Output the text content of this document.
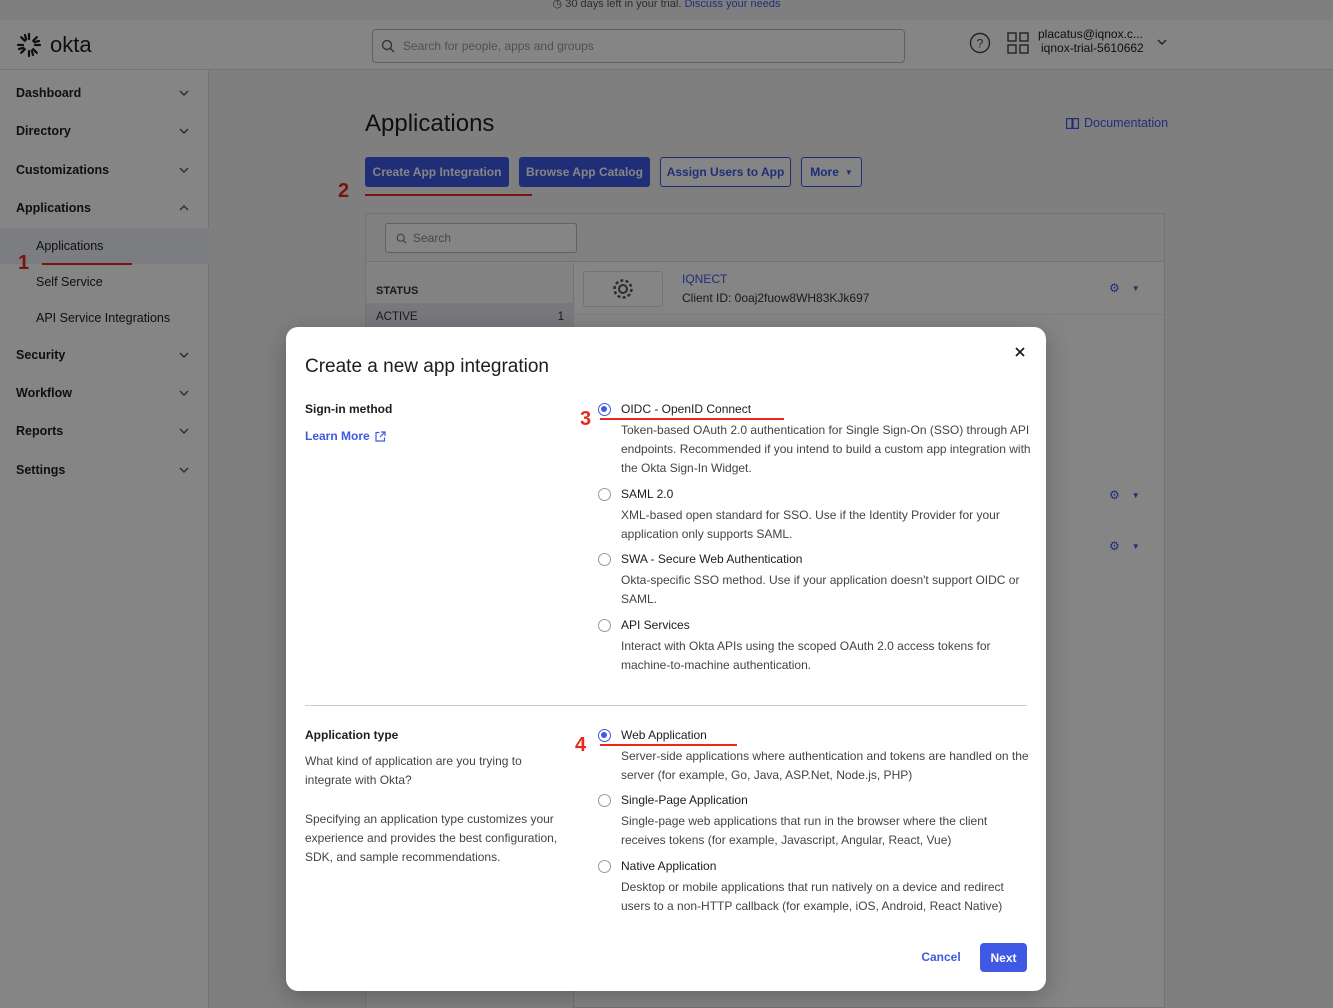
◷ 30 days left in your trial. Discuss your needs
okta	Search for people, apps and groups	?
placatus@iqnox.c...
iqnox-trial-5610662
Dashboard
Directory
Customizations
Applications
Applications
Self Service
API Service Integrations
Security
Workflow
Reports
Settings
Applications	Documentation
Create App Integration	Browse App Catalog	Assign Users to App	More ▼
Search
STATUS
ACTIVE	1
IQNECT
Client ID: 0oaj2fuow8WH83KJk697
⚙ ▼
⚙ ▼
⚙ ▼
1
2
Create a new app integration
Sign-in method
Learn More
OIDC - OpenID Connect
Token-based OAuth 2.0 authentication for Single Sign-On (SSO) through API endpoints. Recommended if you intend to build a custom app integration with the Okta Sign-In Widget.
SAML 2.0
XML-based open standard for SSO. Use if the Identity Provider for your application only supports SAML.
SWA - Secure Web Authentication
Okta-specific SSO method. Use if your application doesn't support OIDC or SAML.
API Services
Interact with Okta APIs using the scoped OAuth 2.0 access tokens for machine-to-machine authentication.
Application type
What kind of application are you trying to integrate with Okta?
Specifying an application type customizes your experience and provides the best configuration, SDK, and sample recommendations.
Web Application
Server-side applications where authentication and tokens are handled on the server (for example, Go, Java, ASP.Net, Node.js, PHP)
Single-Page Application
Single-page web applications that run in the browser where the client receives tokens (for example, Javascript, Angular, React, Vue)
Native Application
Desktop or mobile applications that run natively on a device and redirect users to a non-HTTP callback (for example, iOS, Android, React Native)
3
4
Cancel	Next
